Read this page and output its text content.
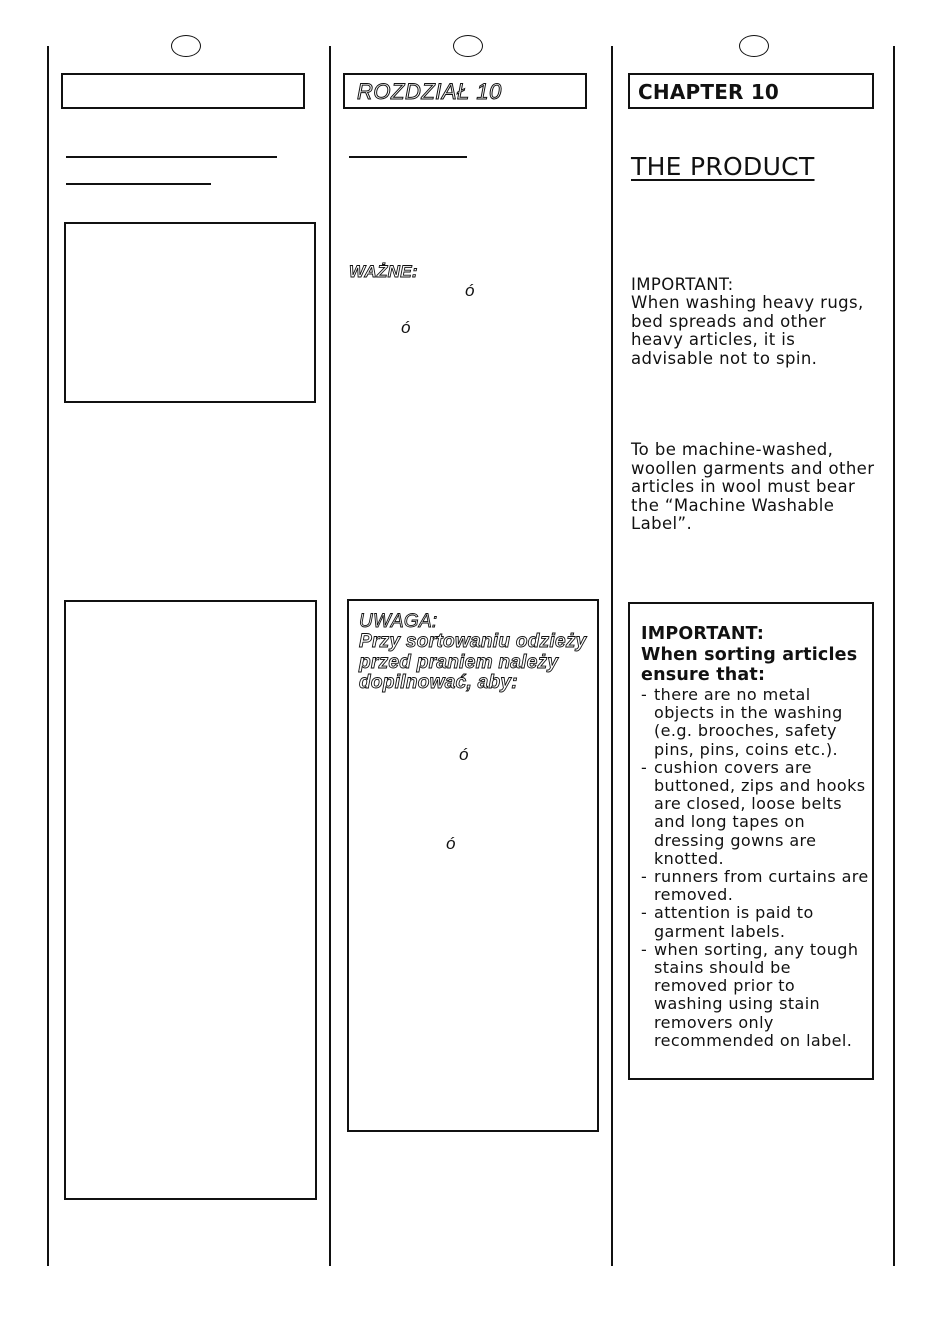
ROZDZIAŁ 10
WAŻNE:
ó
ó
UWAGA:
Przy sortowaniu odzieży przed praniem należy dopilnować, aby:
ó
ó
CHAPTER 10
THE PRODUCT
IMPORTANT:
When washing heavy rugs, bed spreads and other heavy articles, it is advisable not to spin.
To be machine-washed, woollen garments and other articles in wool must bear the “Machine Washable Label”.
IMPORTANT:
When sorting articles ensure that:
- there are no metal objects in the washing (e.g. brooches, safety pins, pins, coins etc.).
- cushion covers are buttoned, zips and hooks are closed, loose belts and long tapes on dressing gowns are knotted.
- runners from curtains are removed.
- attention is paid to garment labels.
- when sorting, any tough stains should be removed prior to washing using stain removers only recommended on label.
